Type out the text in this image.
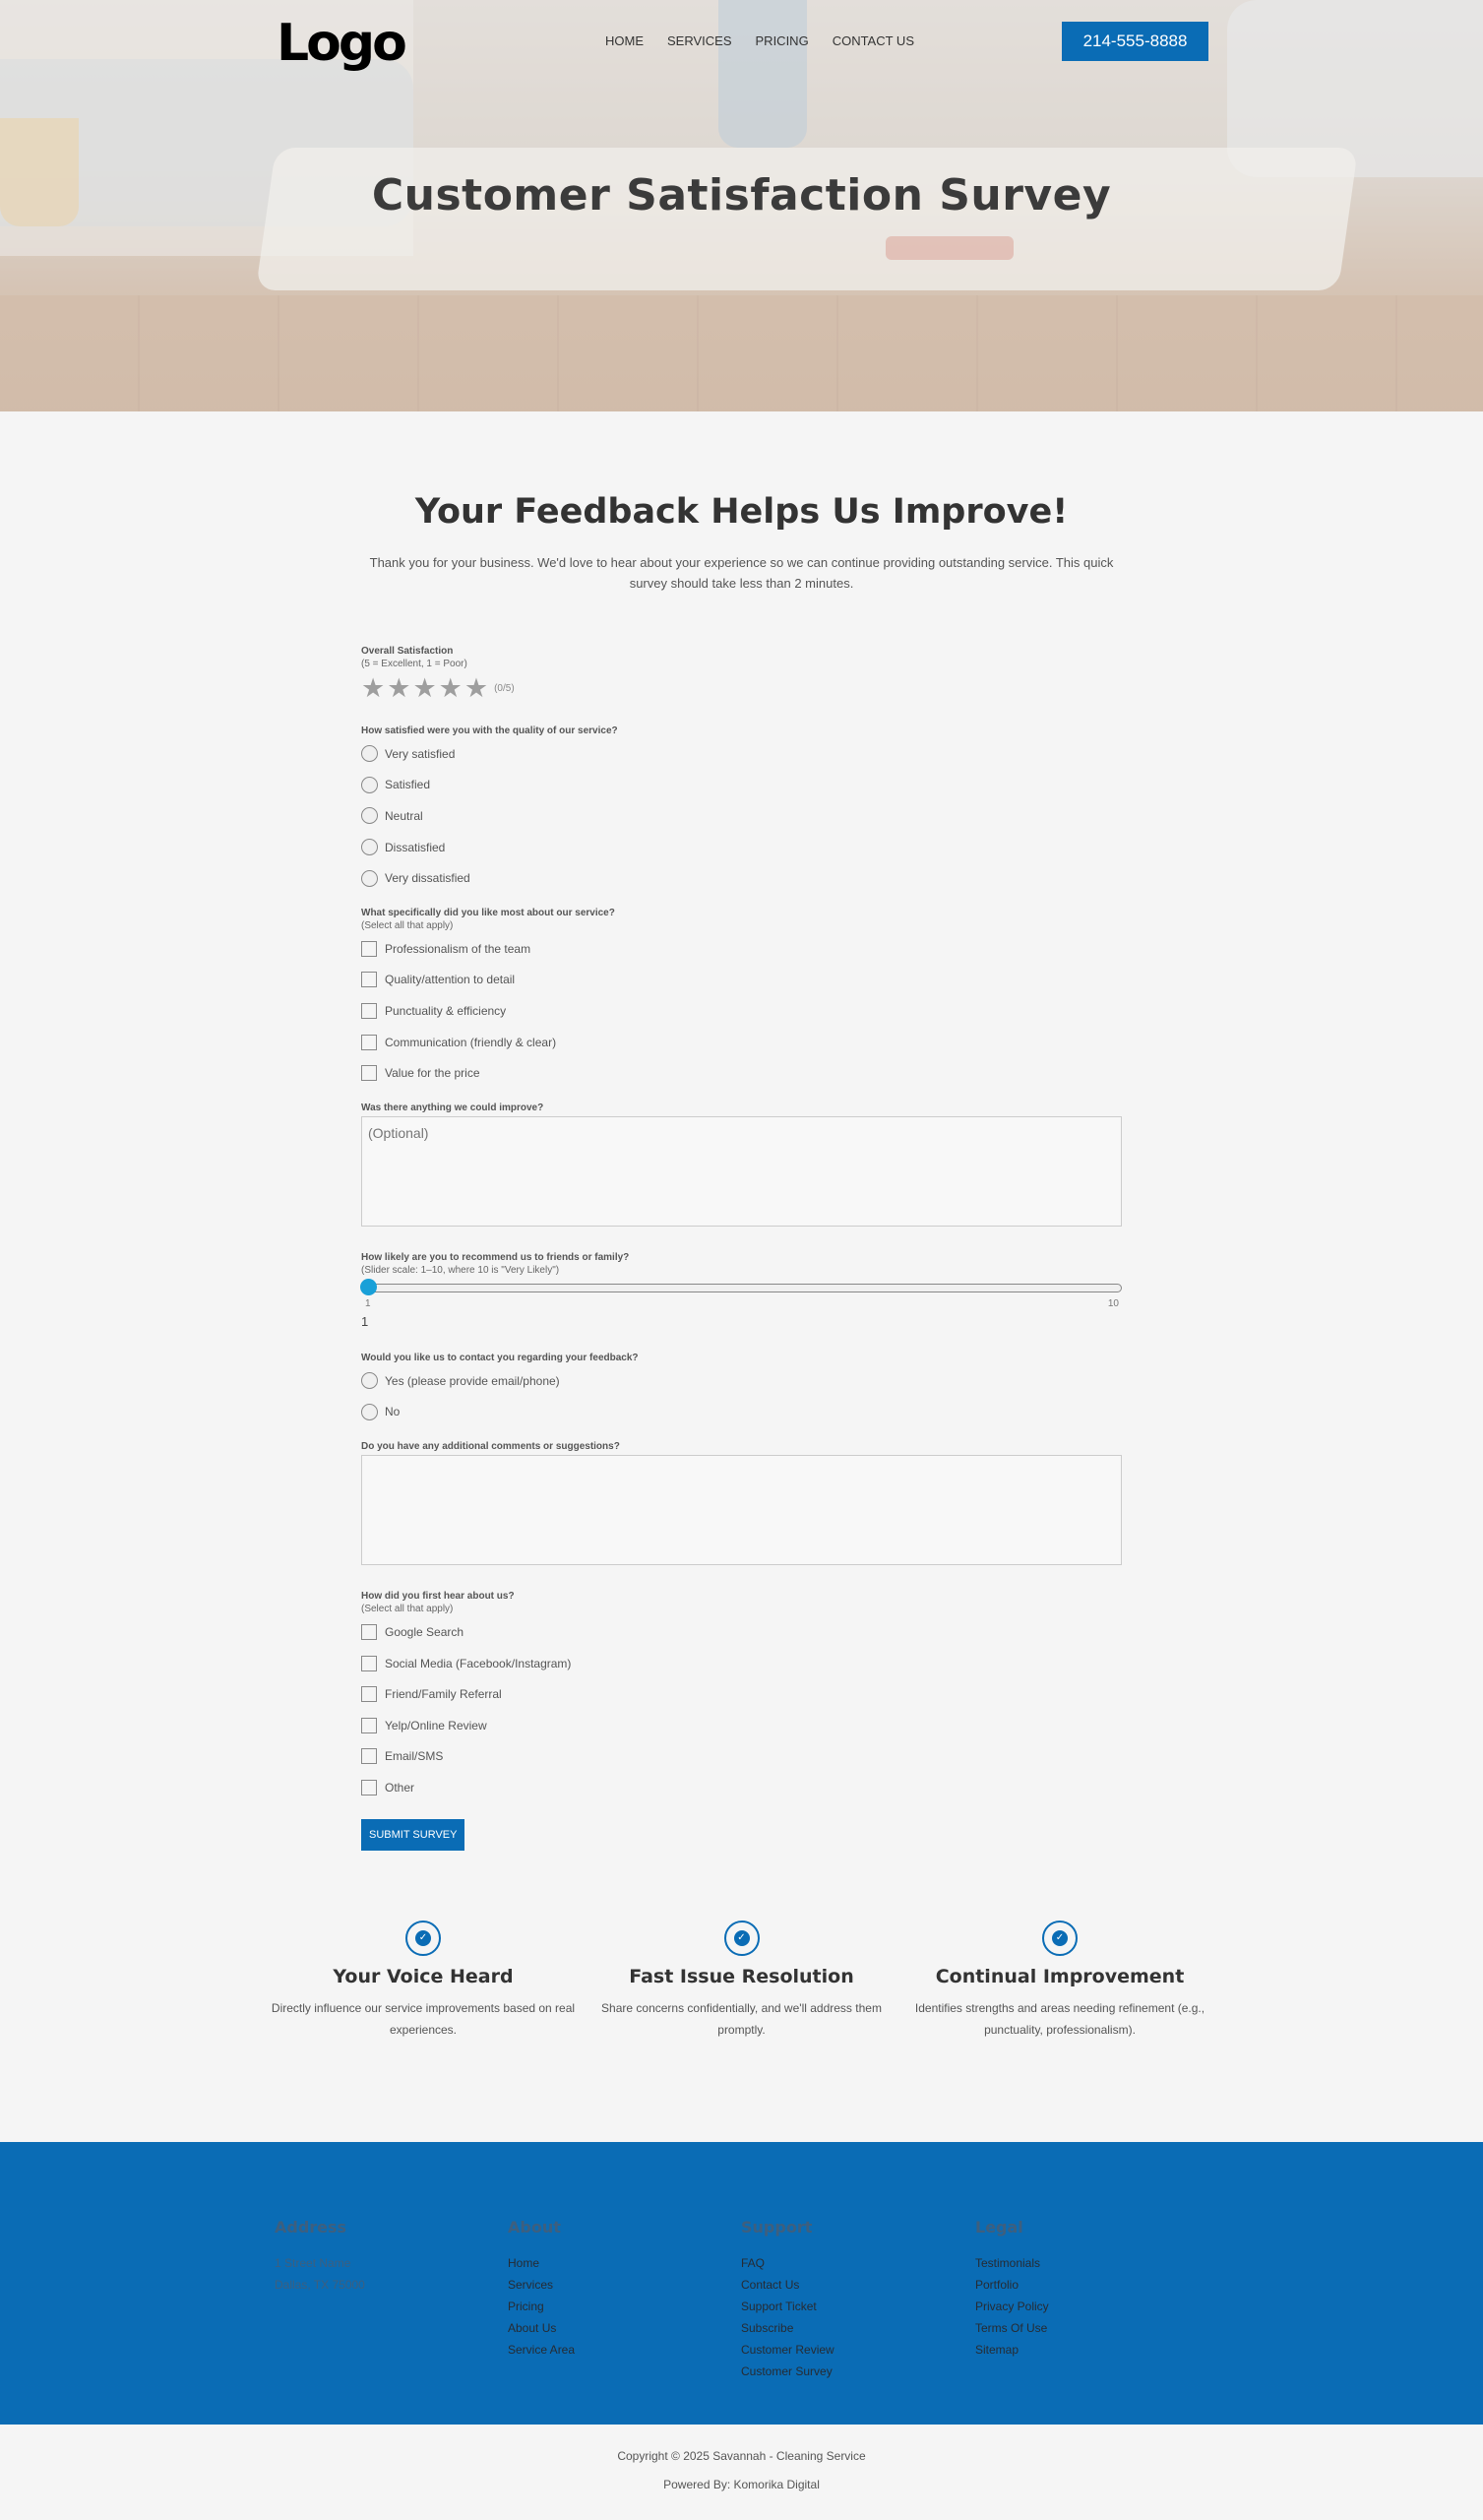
Logo	HOME SERVICES PRICING CONTACT US	214-555-8888
Customer Satisfaction Survey
Your Feedback Helps Us Improve!

Thank you for your business. We'd love to hear about your experience so we can continue providing outstanding service. This quick survey should take less than 2 minutes.

Overall Satisfaction
(5 = Excellent, 1 = Poor)
★ ★ ★ ★ ★ (0/5)
How satisfied were you with the quality of our service?
Very satisfied
Satisfied
Neutral
Dissatisfied
Very dissatisfied
What specifically did you like most about our service?
(Select all that apply)
Professionalism of the team
Quality/attention to detail
Punctuality & efficiency
Communication (friendly & clear)
Value for the price
Was there anything we could improve?
(Optional)
How likely are you to recommend us to friends or family?
(Slider scale: 1–10, where 10 is "Very Likely")
1	10
1
Would you like us to contact you regarding your feedback?
Yes (please provide email/phone)
No
Do you have any additional comments or suggestions?
How did you first hear about us?
(Select all that apply)
Google Search
Social Media (Facebook/Instagram)
Friend/Family Referral
Yelp/Online Review
Email/SMS
Other
SUBMIT SURVEY
✓
Your Voice Heard

Directly influence our service improvements based on real experiences.

✓
Fast Issue Resolution

Share concerns confidentially, and we'll address them promptly.

✓
Continual Improvement

Identifies strengths and areas needing refinement (e.g., punctuality, professionalism).

Address
1 Street Name
Dallas, TX 75000
About
Home
Services
Pricing
About Us
Service Area
Support
FAQ
Contact Us
Support Ticket
Subscribe
Customer Review
Customer Survey
Legal
Testimonials
Portfolio
Privacy Policy
Terms Of Use
Sitemap
Copyright © 2025 Savannah - Cleaning Service
Powered By: Komorika Digital
